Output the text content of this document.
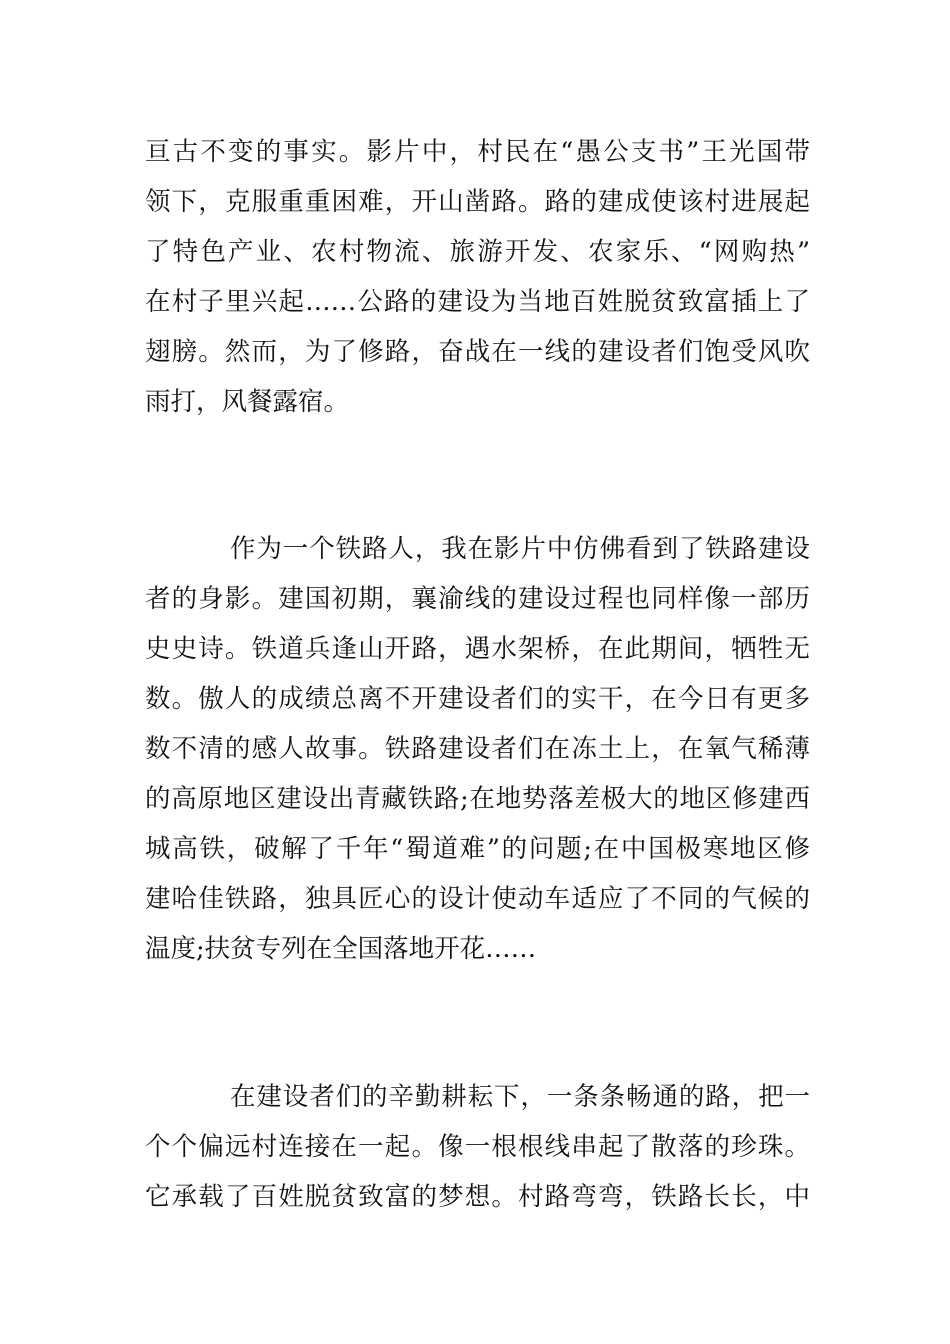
亘古不变的事实。影片中，村民在“愚公支书”王光国带
领下，克服重重困难，开山凿路。路的建成使该村进展起
了特色产业、农村物流、旅游开发、农家乐、“网购热”
在村子里兴起……公路的建设为当地百姓脱贫致富插上了
翅膀。然而，为了修路，奋战在一线的建设者们饱受风吹
雨打，风餐露宿。
作为一个铁路人，我在影片中仿佛看到了铁路建设
者的身影。建国初期，襄渝线的建设过程也同样像一部历
史史诗。铁道兵逢山开路，遇水架桥，在此期间，牺牲无
数。傲人的成绩总离不开建设者们的实干，在今日有更多
数不清的感人故事。铁路建设者们在冻土上，在氧气稀薄
的高原地区建设出青藏铁路;在地势落差极大的地区修建西
城高铁，破解了千年“蜀道难”的问题;在中国极寒地区修
建哈佳铁路，独具匠心的设计使动车适应了不同的气候的
温度;扶贫专列在全国落地开花……
在建设者们的辛勤耕耘下，一条条畅通的路，把一
个个偏远村连接在一起。像一根根线串起了散落的珍珠。
它承载了百姓脱贫致富的梦想。村路弯弯，铁路长长，中
